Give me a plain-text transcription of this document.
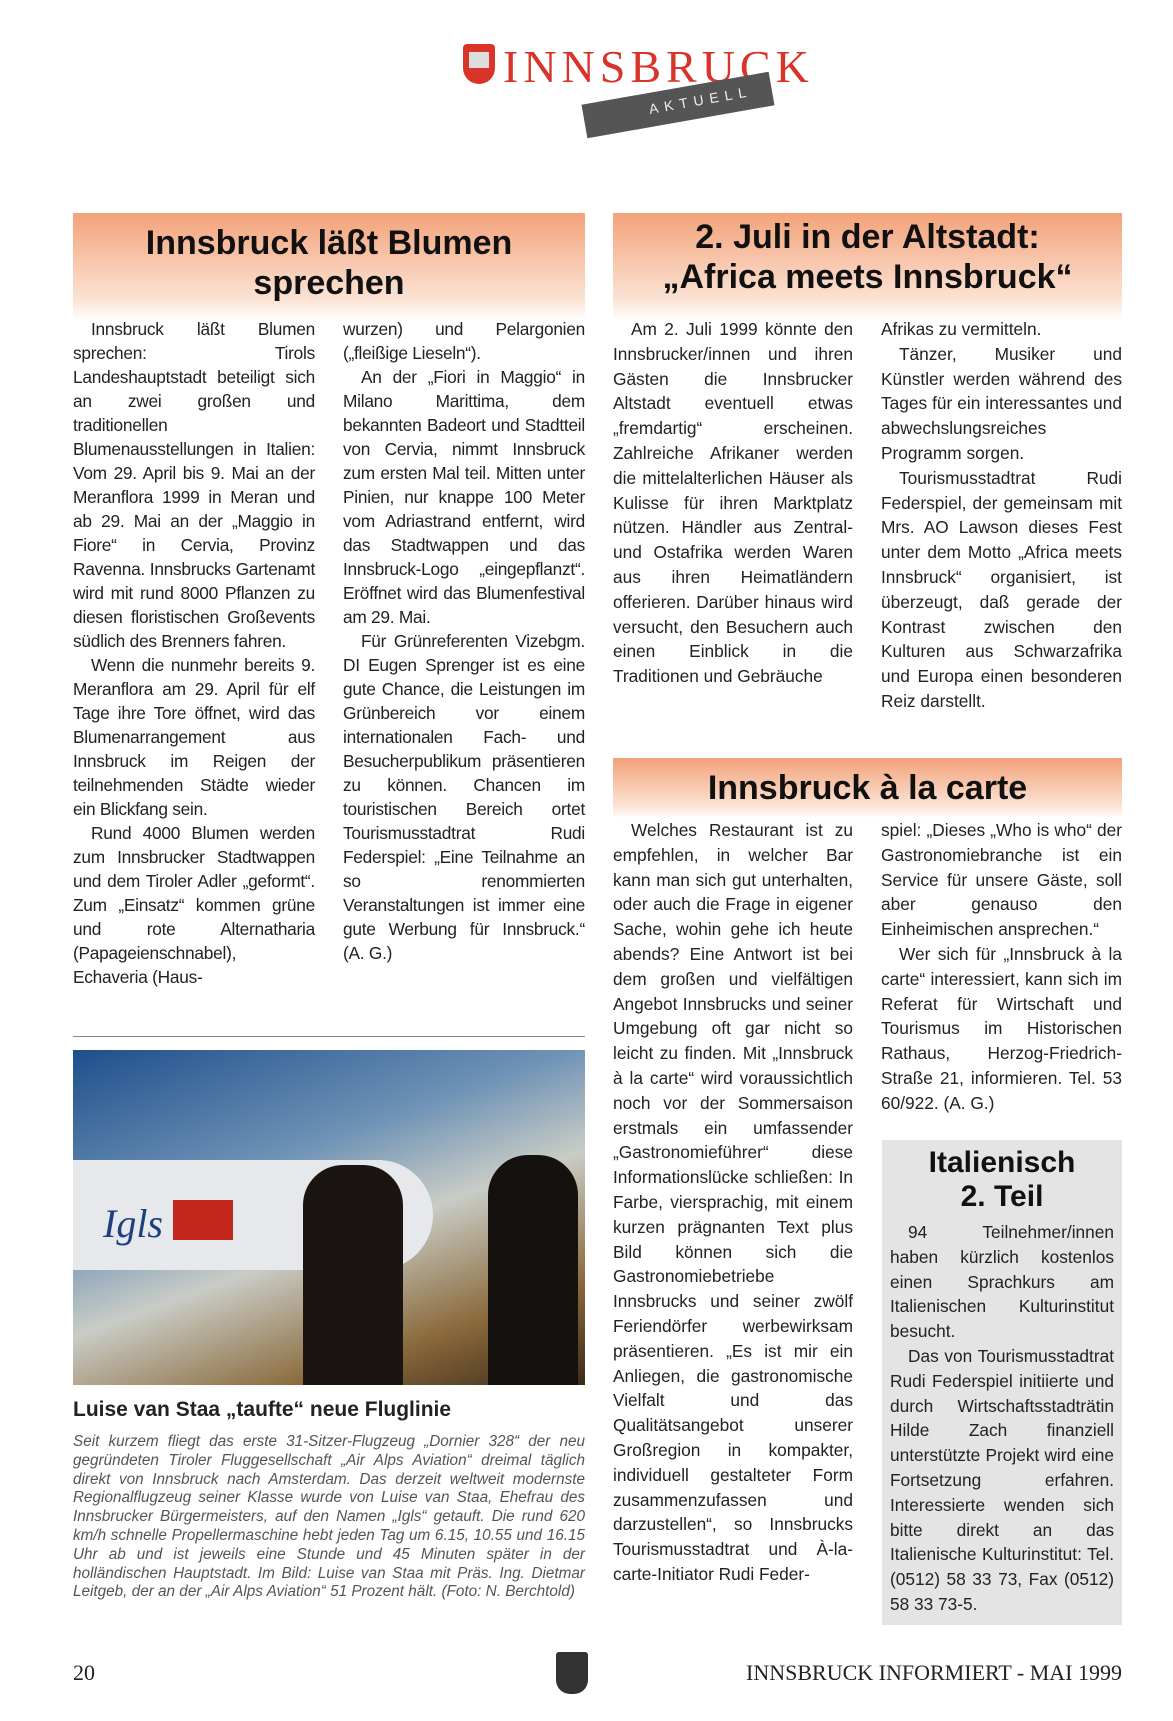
INNSBRUCK
AKTUELL
Innsbruck läßt Blumen sprechen

Innsbruck läßt Blumen sprechen: Tirols Landeshauptstadt beteiligt sich an zwei großen und traditionellen Blumenausstellungen in Italien: Vom 29. April bis 9. Mai an der Meranflora 1999 in Meran und ab 29. Mai an der „Maggio in Fiore“ in Cervia, Provinz Ravenna. Innsbrucks Gartenamt wird mit rund 8000 Pflanzen zu diesen floristischen Großevents südlich des Brenners fahren.

Wenn die nunmehr bereits 9. Meranflora am 29. April für elf Tage ihre Tore öffnet, wird das Blumenarrangement aus Innsbruck im Reigen der teilnehmenden Städte wieder ein Blickfang sein.

Rund 4000 Blumen werden zum Innsbrucker Stadtwappen und dem Tiroler Adler „geformt“. Zum „Einsatz“ kommen grüne und rote Alternatharia (Papageienschnabel), Echaveria (Haus-

wurzen) und Pelargonien („fleißige Lieseln“).

An der „Fiori in Maggio“ in Milano Marittima, dem bekannten Badeort und Stadtteil von Cervia, nimmt Innsbruck zum ersten Mal teil. Mitten unter Pinien, nur knappe 100 Meter vom Adriastrand entfernt, wird das Stadtwappen und das Innsbruck-Logo „eingepflanzt“. Eröffnet wird das Blumenfestival am 29. Mai.

Für Grünreferenten Vizebgm. DI Eugen Sprenger ist es eine gute Chance, die Leistungen im Grünbereich vor einem internationalen Fach- und Besucherpublikum präsentieren zu können. Chancen im touristischen Bereich ortet Tourismusstadtrat Rudi Federspiel: „Eine Teilnahme an so renommierten Veranstaltungen ist immer eine gute Werbung für Innsbruck.“ (A. G.)

Igls
Luise van Staa „taufte“ neue Fluglinie
Seit kurzem fliegt das erste 31-Sitzer-Flugzeug „Dornier 328“ der neu gegründeten Tiroler Fluggesellschaft „Air Alps Aviation“ dreimal täglich direkt von Innsbruck nach Amsterdam. Das derzeit weltweit modernste Regionalflugzeug seiner Klasse wurde von Luise van Staa, Ehefrau des Innsbrucker Bürgermeisters, auf den Namen „Igls“ getauft. Die rund 620 km/h schnelle Propellermaschine hebt jeden Tag um 6.15, 10.55 und 16.15 Uhr ab und ist jeweils eine Stunde und 45 Minuten später in der holländischen Hauptstadt. Im Bild: Luise van Staa mit Präs. Ing. Dietmar Leitgeb, der an der „Air Alps Aviation“ 51 Prozent hält. (Foto: N. Berchtold)
2. Juli in der Altstadt:
„Africa meets Innsbruck“

Am 2. Juli 1999 könnte den Innsbrucker/innen und ihren Gästen die Innsbrucker Altstadt eventuell etwas „fremdartig“ erscheinen. Zahlreiche Afrikaner werden die mittelalterlichen Häuser als Kulisse für ihren Marktplatz nützen. Händler aus Zentral- und Ostafrika werden Waren aus ihren Heimatländern offerieren. Darüber hinaus wird versucht, den Besuchern auch einen Einblick in die Traditionen und Gebräuche

Afrikas zu vermitteln.

Tänzer, Musiker und Künstler werden während des Tages für ein interessantes und abwechslungsreiches Programm sorgen.

Tourismusstadtrat Rudi Federspiel, der gemeinsam mit Mrs. AO Lawson dieses Fest unter dem Motto „Africa meets Innsbruck“ organisiert, ist überzeugt, daß gerade der Kontrast zwischen den Kulturen aus Schwarzafrika und Europa einen besonderen Reiz darstellt.

Innsbruck à la carte

Welches Restaurant ist zu empfehlen, in welcher Bar kann man sich gut unterhalten, oder auch die Frage in eigener Sache, wohin gehe ich heute abends? Eine Antwort ist bei dem großen und vielfältigen Angebot Innsbrucks und seiner Umgebung oft gar nicht so leicht zu finden. Mit „Innsbruck à la carte“ wird voraussichtlich noch vor der Sommersaison erstmals ein umfassender „Gastronomieführer“ diese Informationslücke schließen: In Farbe, viersprachig, mit einem kurzen prägnanten Text plus Bild können sich die Gastronomiebetriebe Innsbrucks und seiner zwölf Feriendörfer werbewirksam präsentieren. „Es ist mir ein Anliegen, die gastronomische Vielfalt und das Qualitätsangebot unserer Großregion in kompakter, individuell gestalteter Form zusammenzufassen und darzustellen“, so Innsbrucks Tourismusstadtrat und À-la-carte-Initiator Rudi Feder-

spiel: „Dieses „Who is who“ der Gastronomiebranche ist ein Service für unsere Gäste, soll aber genauso den Einheimischen ansprechen.“

Wer sich für „Innsbruck à la carte“ interessiert, kann sich im Referat für Wirtschaft und Tourismus im Historischen Rathaus, Herzog-Friedrich-Straße 21, informieren. Tel. 53 60/922. (A. G.)

Italienisch
2. Teil

94 Teilnehmer/innen haben kürzlich kostenlos einen Sprachkurs am Italienischen Kulturinstitut besucht.

Das von Tourismusstadtrat Rudi Federspiel initiierte und durch Wirtschaftsstadträtin Hilde Zach finanziell unterstützte Projekt wird eine Fortsetzung erfahren. Interessierte wenden sich bitte direkt an das Italienische Kulturinstitut: Tel. (0512) 58 33 73, Fax (0512) 58 33 73-5.

20	INNSBRUCK INFORMIERT - MAI 1999
